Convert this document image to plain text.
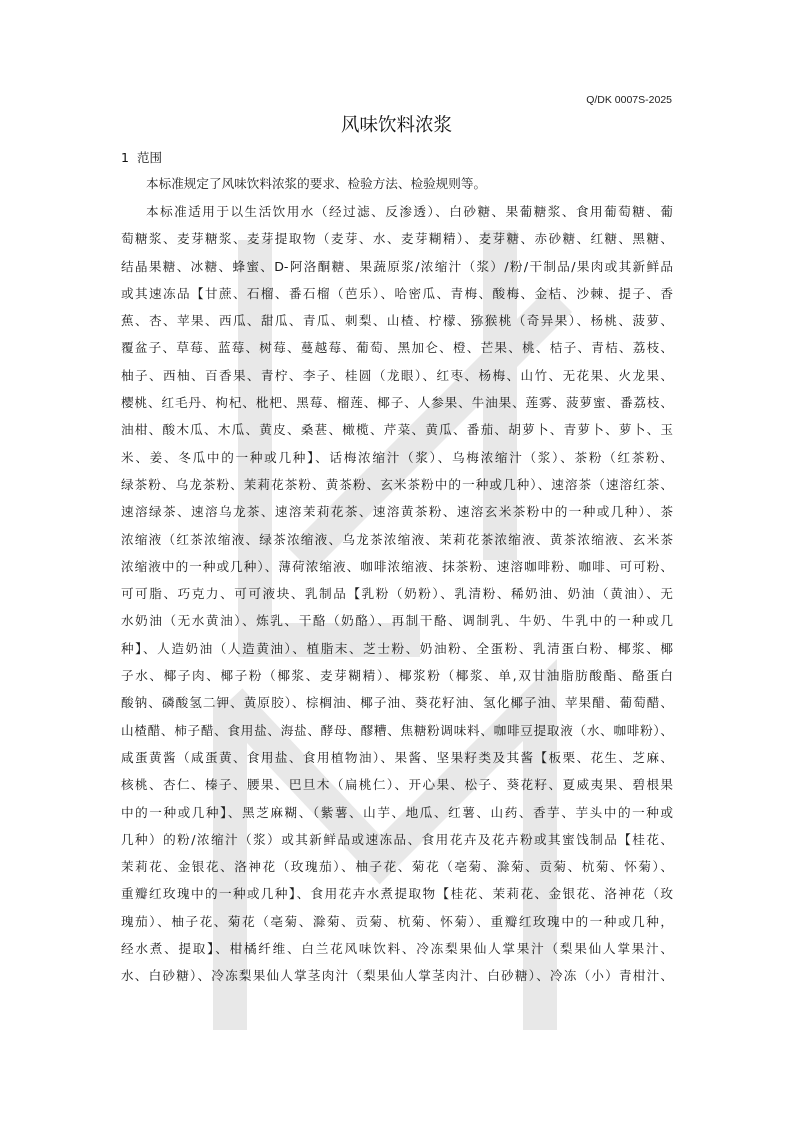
Q/DK 0007S-2025
风味饮料浓浆
1 范围
本标准规定了风味饮料浓浆的要求、检验方法、检验规则等。
本标准适用于以生活饮用水（经过滤、反渗透）、白砂糖、果葡糖浆、食用葡萄糖、葡
萄糖浆、麦芽糖浆、麦芽提取物（麦芽、水、麦芽糊精）、麦芽糖、赤砂糖、红糖、黑糖、
结晶果糖、冰糖、蜂蜜、D-阿洛酮糖、果蔬原浆/浓缩汁（浆）/粉/干制品/果肉或其新鲜品
或其速冻品【甘蔗、石榴、番石榴（芭乐）、哈密瓜、青梅、酸梅、金桔、沙棘、提子、香
蕉、杏、苹果、西瓜、甜瓜、青瓜、刺梨、山楂、柠檬、猕猴桃（奇异果）、杨桃、菠萝、
覆盆子、草莓、蓝莓、树莓、蔓越莓、葡萄、黑加仑、橙、芒果、桃、桔子、青桔、荔枝、
柚子、西柚、百香果、青柠、李子、桂圆（龙眼）、红枣、杨梅、山竹、无花果、火龙果、
樱桃、红毛丹、枸杞、枇杷、黑莓、榴莲、椰子、人参果、牛油果、莲雾、菠萝蜜、番荔枝、
油柑、酸木瓜、木瓜、黄皮、桑葚、橄榄、芹菜、黄瓜、番茄、胡萝卜、青萝卜、萝卜、玉
米、姜、冬瓜中的一种或几种】、话梅浓缩汁（浆）、乌梅浓缩汁（浆）、茶粉（红茶粉、
绿茶粉、乌龙茶粉、茉莉花茶粉、黄茶粉、玄米茶粉中的一种或几种）、速溶茶（速溶红茶、
速溶绿茶、速溶乌龙茶、速溶茉莉花茶、速溶黄茶粉、速溶玄米茶粉中的一种或几种）、茶
浓缩液（红茶浓缩液、绿茶浓缩液、乌龙茶浓缩液、茉莉花茶浓缩液、黄茶浓缩液、玄米茶
浓缩液中的一种或几种）、薄荷浓缩液、咖啡浓缩液、抹茶粉、速溶咖啡粉、咖啡、可可粉、
可可脂、巧克力、可可液块、乳制品【乳粉（奶粉）、乳清粉、稀奶油、奶油（黄油）、无
水奶油（无水黄油）、炼乳、干酪（奶酪）、再制干酪、调制乳、牛奶、牛乳中的一种或几
种】、人造奶油（人造黄油）、植脂末、芝士粉、奶油粉、全蛋粉、乳清蛋白粉、椰浆、椰
子水、椰子肉、椰子粉（椰浆、麦芽糊精）、椰浆粉（椰浆、单,双甘油脂肪酸酯、酪蛋白
酸钠、磷酸氢二钾、黄原胶）、棕榈油、椰子油、葵花籽油、氢化椰子油、苹果醋、葡萄醋、
山楂醋、柿子醋、食用盐、海盐、酵母、醪糟、焦糖粉调味料、咖啡豆提取液（水、咖啡粉）、
咸蛋黄酱（咸蛋黄、食用盐、食用植物油）、果酱、坚果籽类及其酱【板栗、花生、芝麻、
核桃、杏仁、榛子、腰果、巴旦木（扁桃仁）、开心果、松子、葵花籽、夏威夷果、碧根果
中的一种或几种】、黑芝麻糊、（紫薯、山芋、地瓜、红薯、山药、香芋、芋头中的一种或
几种）的粉/浓缩汁（浆）或其新鲜品或速冻品、食用花卉及花卉粉或其蜜饯制品【桂花、
茉莉花、金银花、洛神花（玫瑰茄）、柚子花、菊花（亳菊、滁菊、贡菊、杭菊、怀菊）、
重瓣红玫瑰中的一种或几种】、食用花卉水煮提取物【桂花、茉莉花、金银花、洛神花（玫
瑰茄）、柚子花、菊花（亳菊、滁菊、贡菊、杭菊、怀菊）、重瓣红玫瑰中的一种或几种，
经水煮、提取】、柑橘纤维、白兰花风味饮料、冷冻梨果仙人掌果汁（梨果仙人掌果汁、
水、白砂糖）、冷冻梨果仙人掌茎肉汁（梨果仙人掌茎肉汁、白砂糖）、冷冻（小）青柑汁、
